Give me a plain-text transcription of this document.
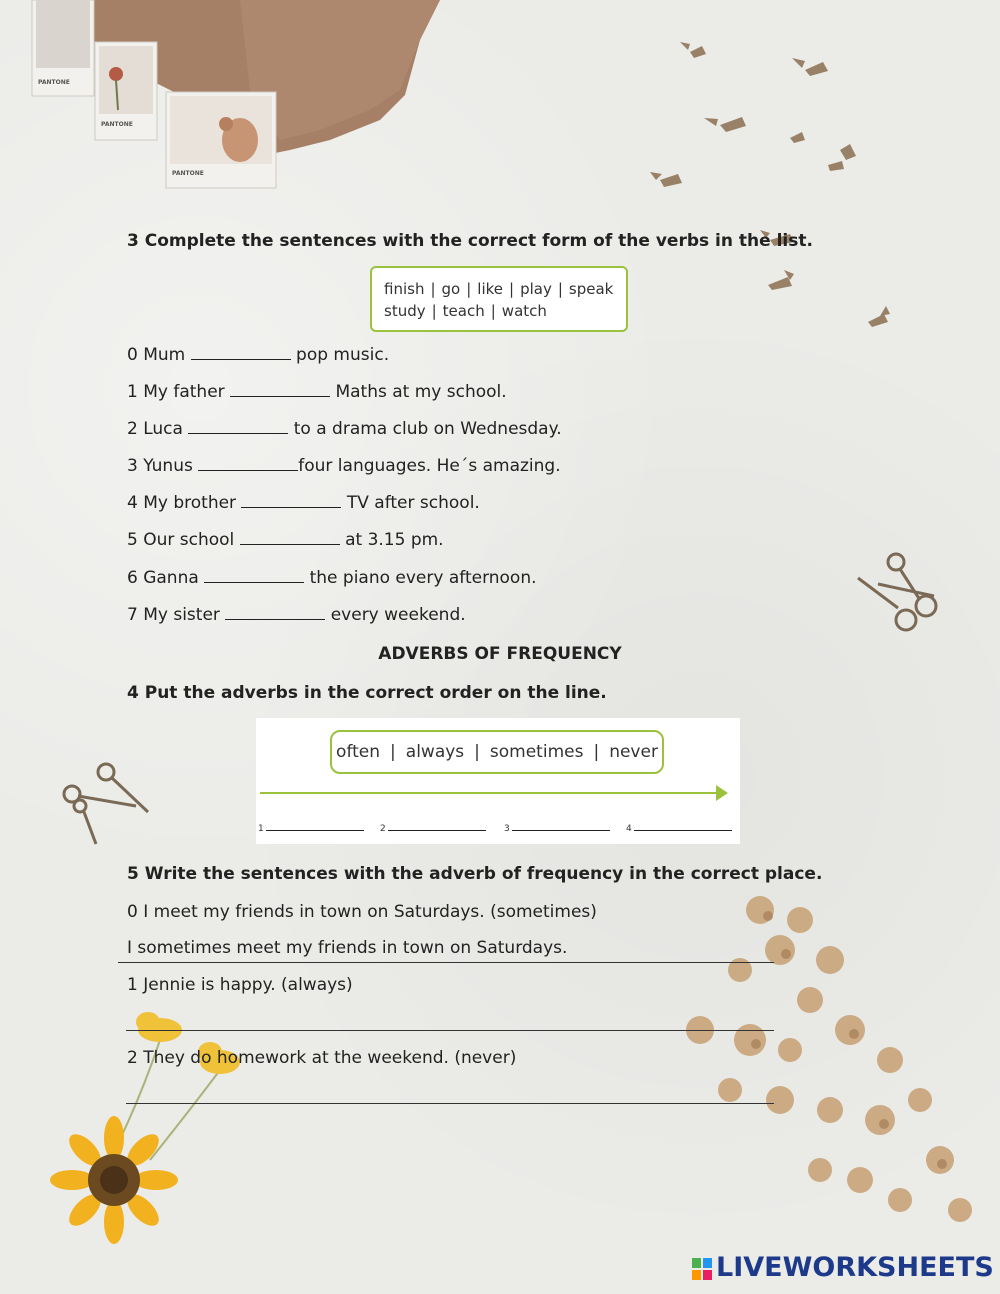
PANTONE
PANTONE
PANTONE
3 Complete the sentences with the correct form of the verbs in the list.
finish | go | like | play | speak
study | teach | watch
0 Mum	pop music.
1 My father	Maths at my school.
2 Luca	to a drama club on Wednesday.
3 Yunus	four languages. He´s amazing.
4 My brother	TV after school.
5 Our school	at 3.15 pm.
6 Ganna	the piano every afternoon.
7 My sister	every weekend.
ADVERBS OF FREQUENCY
4 Put the adverbs in the correct order on the line.
often | always | sometimes | never
1	2	3	4
5 Write the sentences with the adverb of frequency in the correct place.
0 I meet my friends in town on Saturdays. (sometimes)
I sometimes meet my friends in town on Saturdays.
1 Jennie is happy. (always)
2 They do homework at the weekend. (never)
LIVEWORKSHEETS
